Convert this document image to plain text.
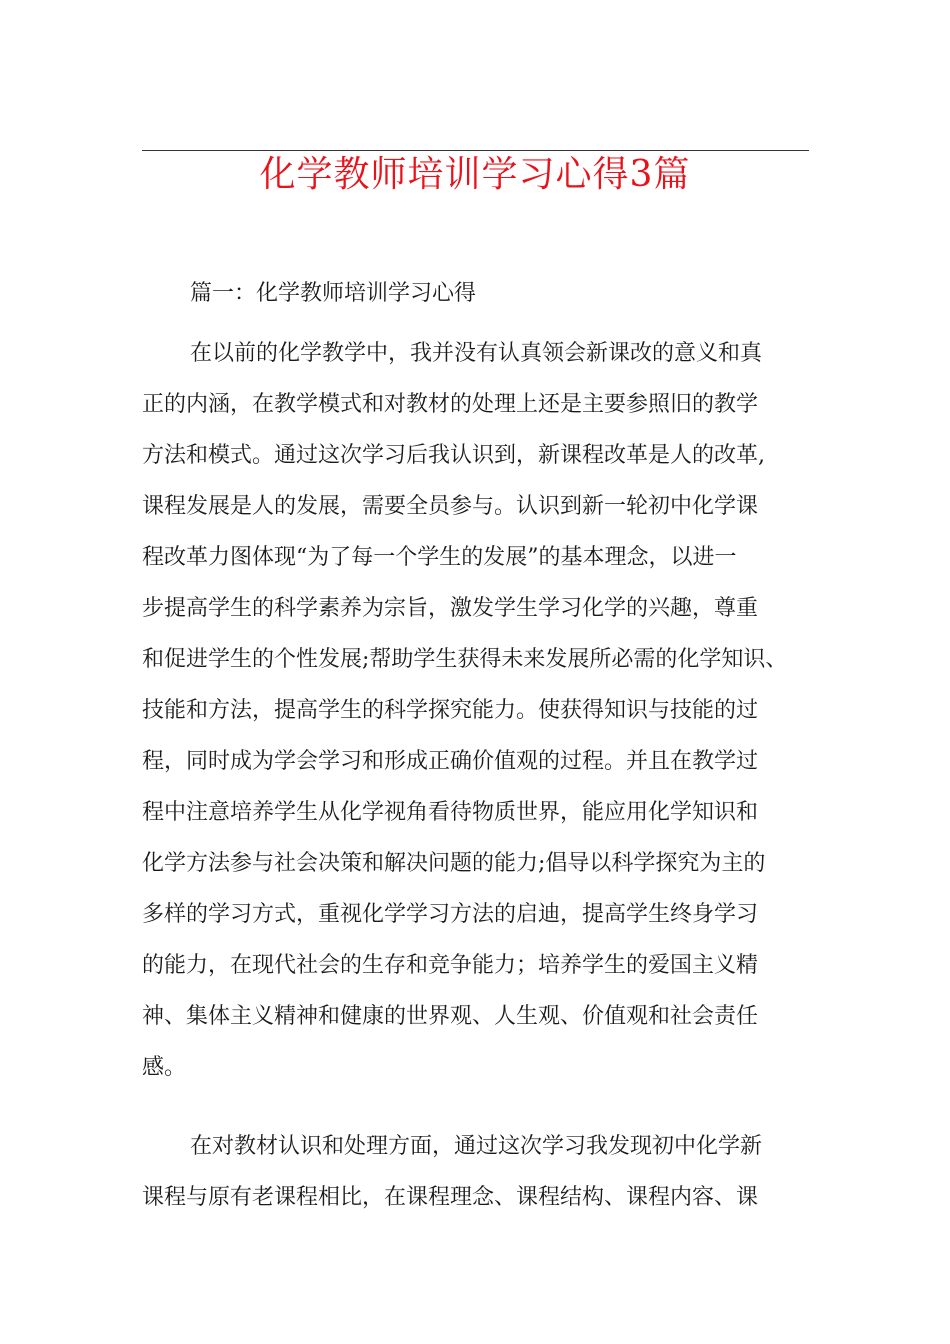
化学教师培训学习心得3篇

篇一：化学教师培训学习心得

在以前的化学教学中，我并没有认真领会新课改的意义和真
正的内涵，在教学模式和对教材的处理上还是主要参照旧的教学
方法和模式。通过这次学习后我认识到，新课程改革是人的改革,
课程发展是人的发展，需要全员参与。认识到新一轮初中化学课
程改革力图体现“为了每一个学生的发展”的基本理念，以进一
步提高学生的科学素养为宗旨，激发学生学习化学的兴趣，尊重
和促进学生的个性发展;帮助学生获得未来发展所必需的化学知识、
技能和方法，提高学生的科学探究能力。使获得知识与技能的过
程，同时成为学会学习和形成正确价值观的过程。并且在教学过
程中注意培养学生从化学视角看待物质世界，能应用化学知识和
化学方法参与社会决策和解决问题的能力;倡导以科学探究为主的
多样的学习方式，重视化学学习方法的启迪，提高学生终身学习
的能力，在现代社会的生存和竞争能力；培养学生的爱国主义精
神、集体主义精神和健康的世界观、人生观、价值观和社会责任
感。
在对教材认识和处理方面，通过这次学习我发现初中化学新
课程与原有老课程相比，在课程理念、课程结构、课程内容、课
